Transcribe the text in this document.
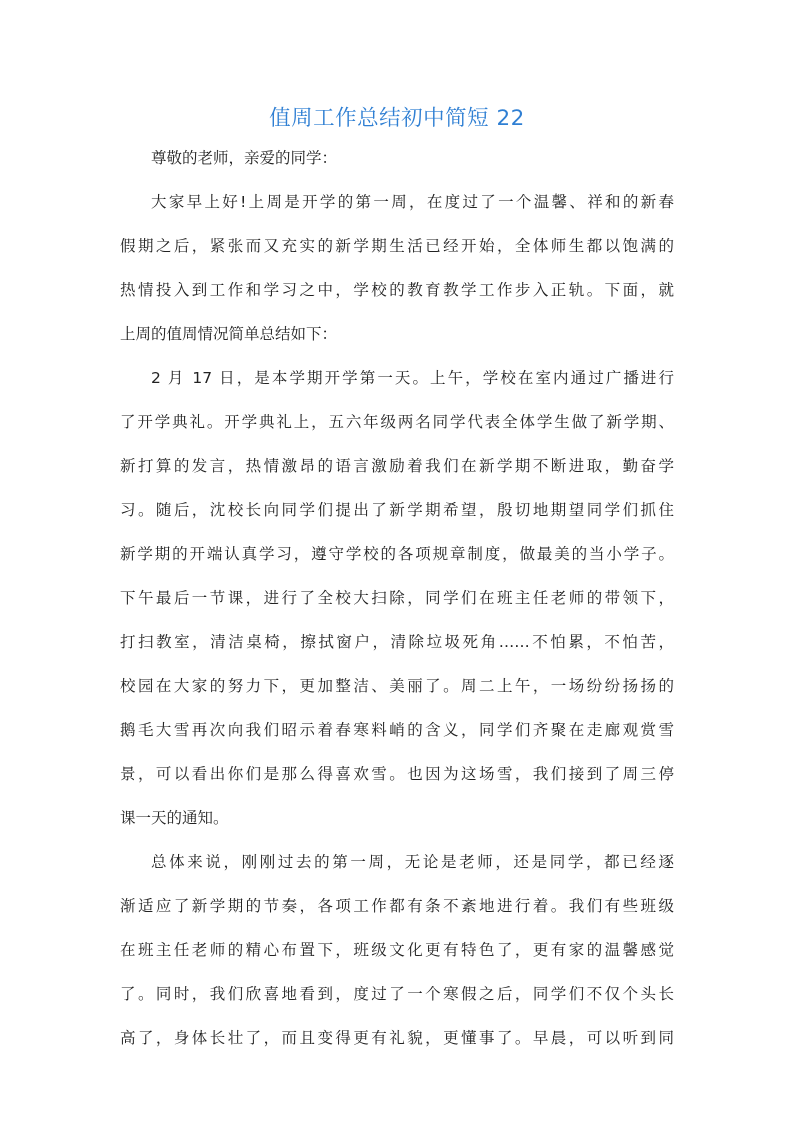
值周工作总结初中简短 22
尊敬的老师，亲爱的同学：
大家早上好!上周是开学的第一周，在度过了一个温馨、祥和的新春
假期之后，紧张而又充实的新学期生活已经开始，全体师生都以饱满的
热情投入到工作和学习之中，学校的教育教学工作步入正轨。下面，就
上周的值周情况简单总结如下：
2 月 17 日，是本学期开学第一天。上午，学校在室内通过广播进行
了开学典礼。开学典礼上，五六年级两名同学代表全体学生做了新学期、
新打算的发言，热情激昂的语言激励着我们在新学期不断进取，勤奋学
习。随后，沈校长向同学们提出了新学期希望，殷切地期望同学们抓住
新学期的开端认真学习，遵守学校的各项规章制度，做最美的当小学子。
下午最后一节课，进行了全校大扫除，同学们在班主任老师的带领下，
打扫教室，清洁桌椅，擦拭窗户，清除垃圾死角……不怕累，不怕苦，
校园在大家的努力下，更加整洁、美丽了。周二上午，一场纷纷扬扬的
鹅毛大雪再次向我们昭示着春寒料峭的含义，同学们齐聚在走廊观赏雪
景，可以看出你们是那么得喜欢雪。也因为这场雪，我们接到了周三停
课一天的通知。
总体来说，刚刚过去的第一周，无论是老师，还是同学，都已经逐
渐适应了新学期的节奏，各项工作都有条不紊地进行着。我们有些班级
在班主任老师的精心布置下，班级文化更有特色了，更有家的温馨感觉
了。同时，我们欣喜地看到，度过了一个寒假之后，同学们不仅个头长
高了，身体长壮了，而且变得更有礼貌，更懂事了。早晨，可以听到同
